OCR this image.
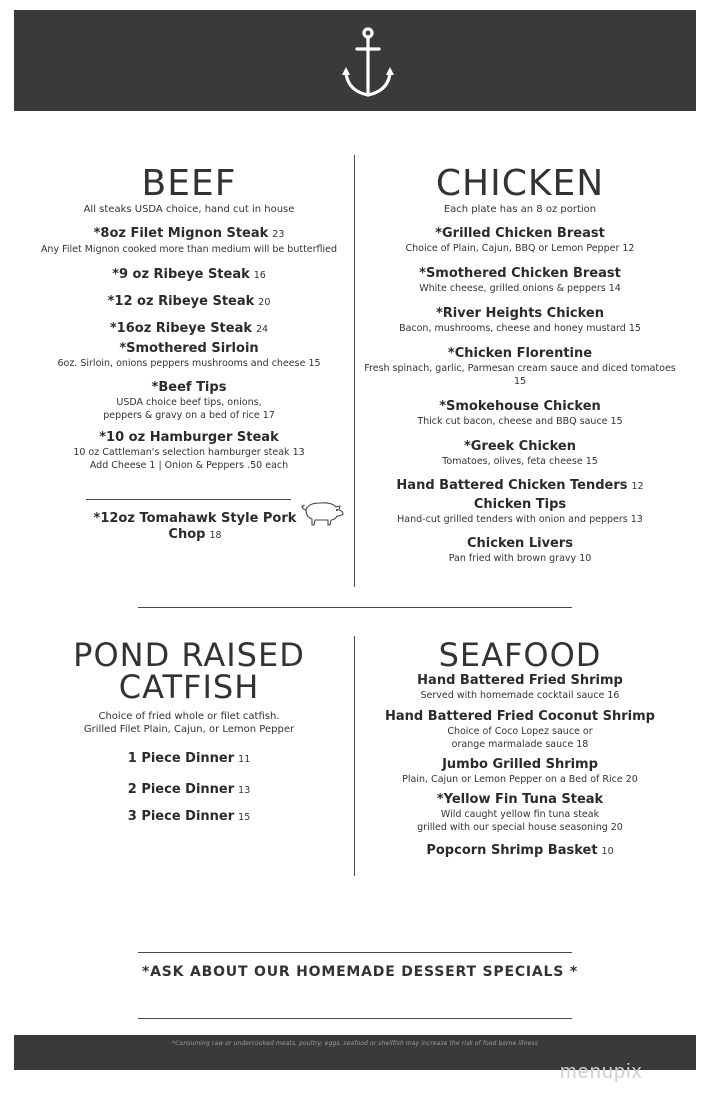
BEEF
All steaks USDA choice, hand cut in house
*8oz Filet Mignon Steak 23
Any Filet Mignon cooked more than medium will be butterflied
*9 oz Ribeye Steak 16
*12 oz Ribeye Steak 20
*16oz Ribeye Steak 24
*Smothered Sirloin
6oz. Sirloin, onions peppers mushrooms and cheese 15
*Beef Tips
USDA choice beef tips, onions,
peppers & gravy on a bed of rice 17
*10 oz Hamburger Steak
10 oz Cattleman's selection hamburger steak 13
Add Cheese 1 | Onion & Peppers .50 each
*12oz Tomahawk Style Pork Chop 18
CHICKEN
Each plate has an 8 oz portion
*Grilled Chicken Breast
Choice of Plain, Cajun, BBQ or Lemon Pepper 12
*Smothered Chicken Breast
White cheese, grilled onions & peppers 14
*River Heights Chicken
Bacon, mushrooms, cheese and honey mustard 15
*Chicken Florentine
Fresh spinach, garlic, Parmesan cream sauce and diced tomatoes 15
*Smokehouse Chicken
Thick cut bacon, cheese and BBQ sauce 15
*Greek Chicken
Tomatoes, olives, feta cheese 15
Hand Battered Chicken Tenders 12
Chicken Tips
Hand-cut grilled tenders with onion and peppers 13
Chicken Livers
Pan fried with brown gravy 10
POND RAISED
CATFISH
Choice of fried whole or filet catfish.
Grilled Filet Plain, Cajun, or Lemon Pepper
1 Piece Dinner 11
2 Piece Dinner 13
3 Piece Dinner 15
SEAFOOD
Hand Battered Fried Shrimp
Served with homemade cocktail sauce 16
Hand Battered Fried Coconut Shrimp
Choice of Coco Lopez sauce or
orange marmalade sauce 18
Jumbo Grilled Shrimp
Plain, Cajun or Lemon Pepper on a Bed of Rice 20
*Yellow Fin Tuna Steak
Wild caught yellow fin tuna steak
grilled with our special house seasoning 20
Popcorn Shrimp Basket 10
*ASK ABOUT OUR HOMEMADE DESSERT SPECIALS *
*Consuming raw or undercooked meats, poultry, eggs, seafood or shellfish may increase the risk of food borne illness
menupix
